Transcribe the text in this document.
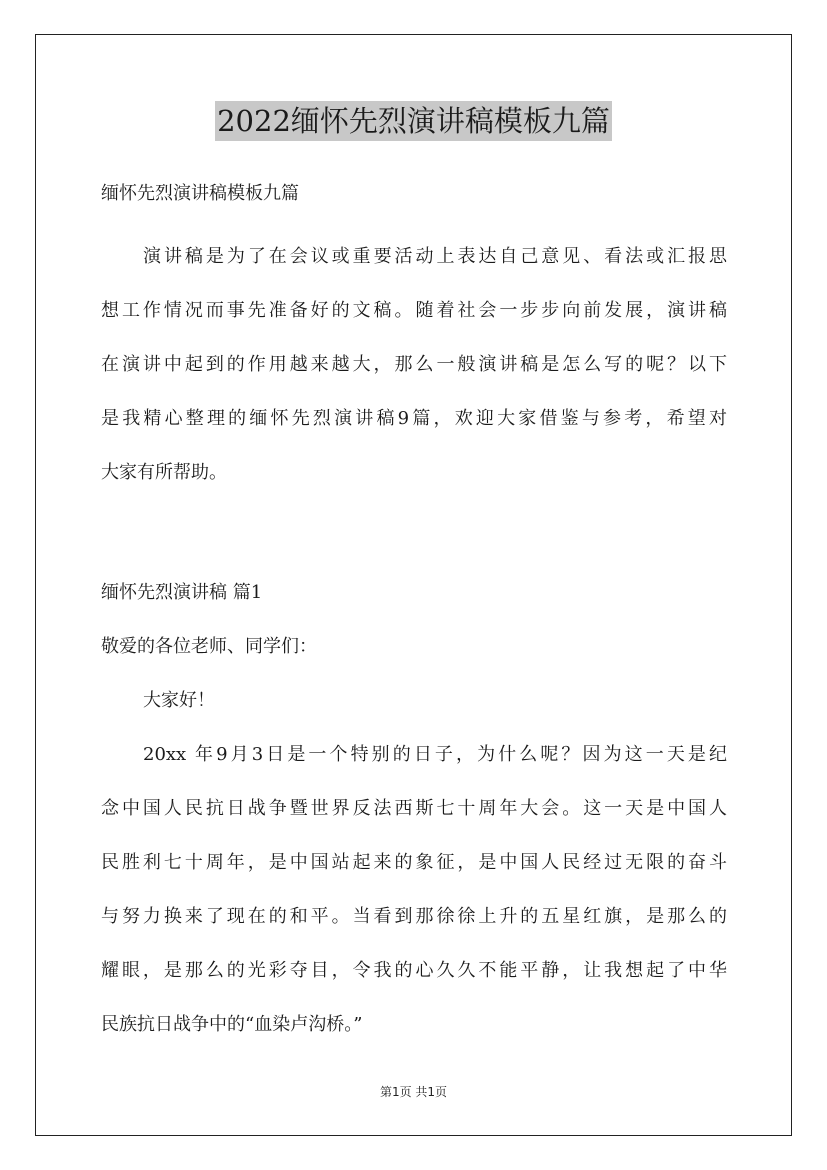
2022缅怀先烈演讲稿模板九篇
缅怀先烈演讲稿模板九篇
演讲稿是为了在会议或重要活动上表达自己意见、看法或汇报思
想工作情况而事先准备好的文稿。随着社会一步步向前发展，演讲稿
在演讲中起到的作用越来越大，那么一般演讲稿是怎么写的呢？以下
是我精心整理的缅怀先烈演讲稿9篇，欢迎大家借鉴与参考，希望对
大家有所帮助。
缅怀先烈演讲稿 篇1
敬爱的各位老师、同学们：
大家好！
20xx 年9月3日是一个特别的日子，为什么呢？因为这一天是纪
念中国人民抗日战争暨世界反法西斯七十周年大会。这一天是中国人
民胜利七十周年，是中国站起来的象征，是中国人民经过无限的奋斗
与努力换来了现在的和平。当看到那徐徐上升的五星红旗，是那么的
耀眼，是那么的光彩夺目，令我的心久久不能平静，让我想起了中华
民族抗日战争中的“血染卢沟桥。”
第1页 共1页
